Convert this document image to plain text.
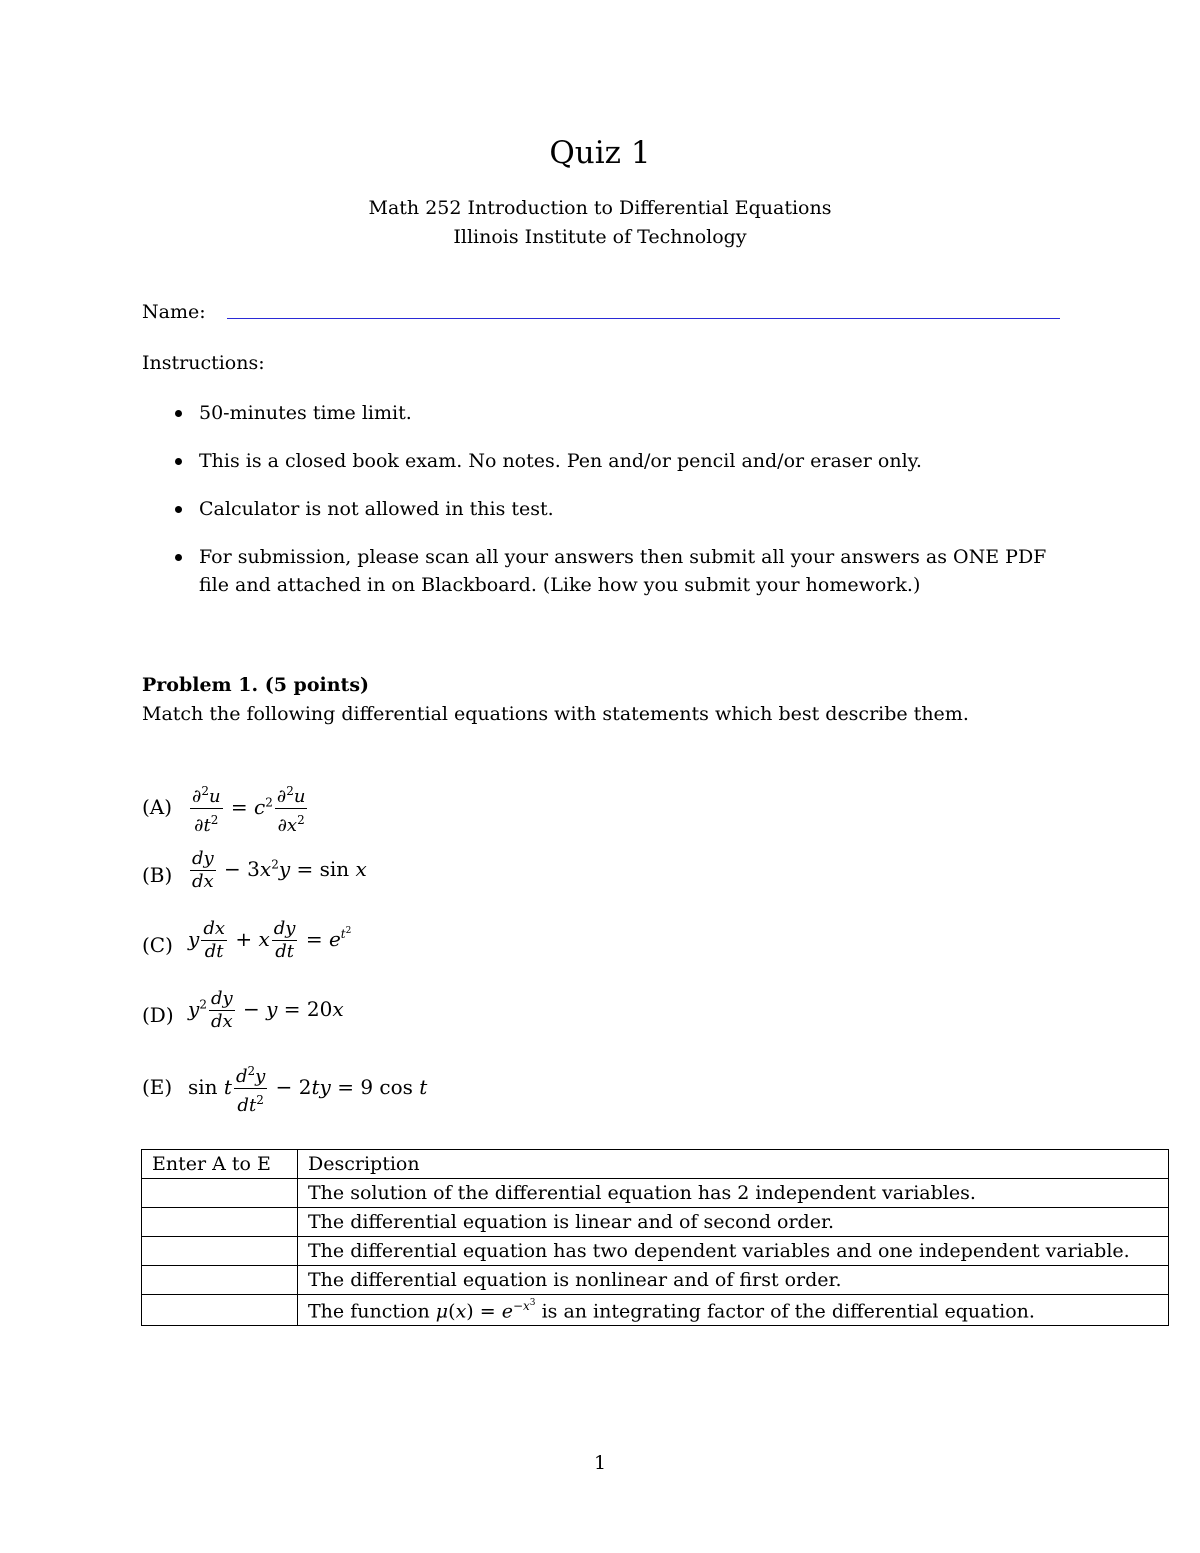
Quiz 1
Math 252 Introduction to Differential Equations
Illinois Institute of Technology
Name:
Instructions:
50-minutes time limit.
This is a closed book exam. No notes. Pen and/or pencil and/or eraser only.
Calculator is not allowed in this test.
For submission, please scan all your answers then submit all your answers as ONE PDF file and attached in on Blackboard. (Like how you submit your homework.)
Problem 1. (5 points)
Match the following differential equations with statements which best describe them.
$(A) \frac{\partial^2u}{\partial t^2} = c^2 \frac{\partial^2u}{\partial x^2}$
$(B) \frac{dy}{dx} - 3x^2y = \sin x$
(C) y $\frac{dx}{dt} + x \frac{dy}{dt} = e^{t^2}$
(D) $y^2 \frac{dy}{dx} - y = 20x$
(E) sin t $\frac{d^2y}{dt^2} - 2ty = 9$ cos t
Enter A to E	Description
	The solution of the differential equation has 2 independent variables.
	The differential equation is linear and of second order.
	The differential equation has two dependent variables and one independent variable.
	The differential equation is nonlinear and of first order.
	The function $\mu(x) = e^{-x^3}$ is an integrating factor of the differential equation.
1
